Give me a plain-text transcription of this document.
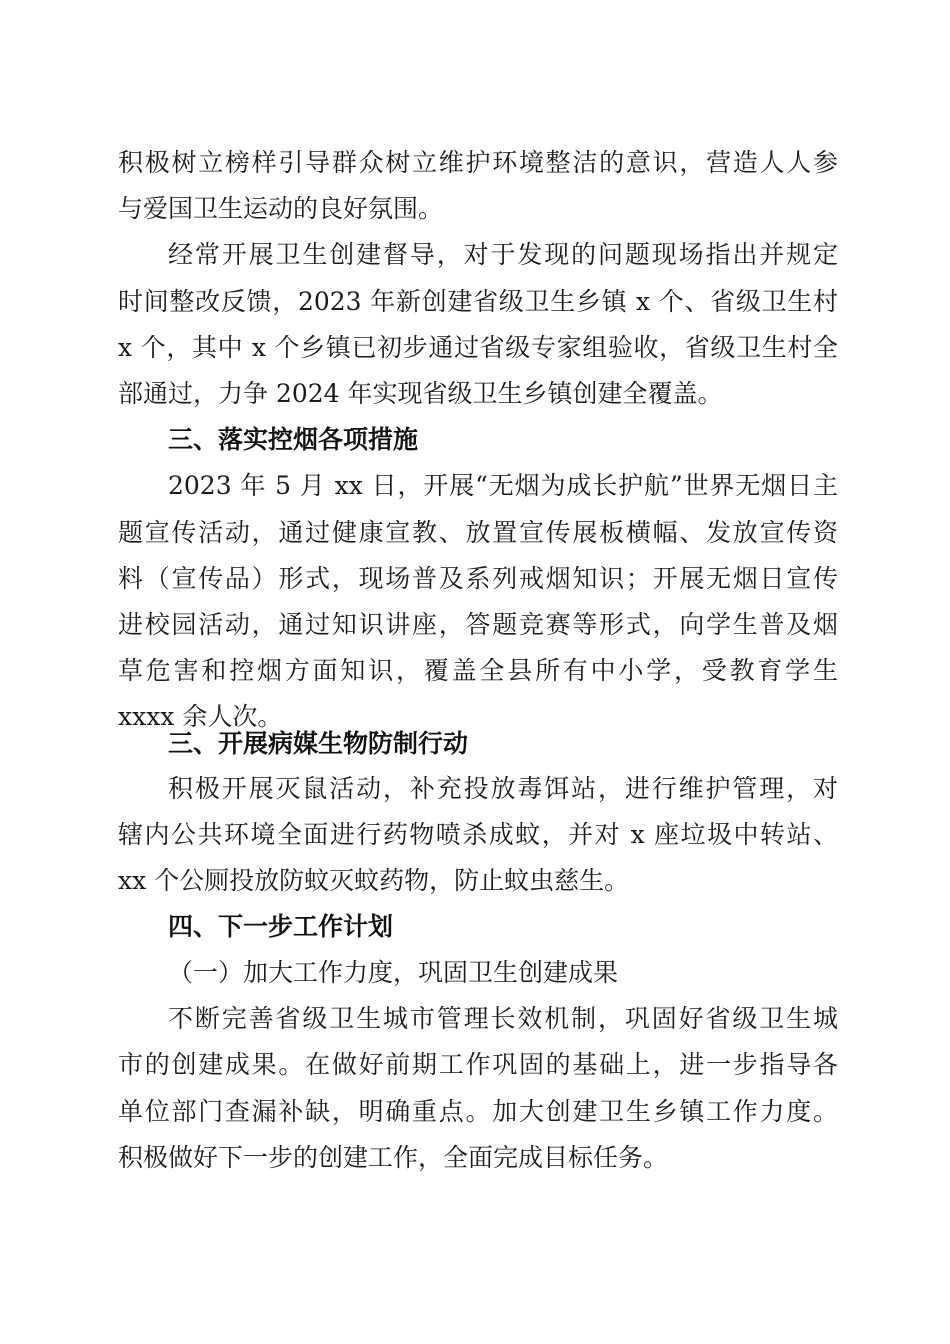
积极树立榜样引导群众树立维护环境整洁的意识，营造人人参
与爱国卫生运动的良好氛围。
经常开展卫生创建督导，对于发现的问题现场指出并规定
时间整改反馈，2023 年新创建省级卫生乡镇 x 个、省级卫生村
x 个，其中 x 个乡镇已初步通过省级专家组验收，省级卫生村全
部通过，力争 2024 年实现省级卫生乡镇创建全覆盖。
三、落实控烟各项措施
2023 年 5 月 xx 日，开展“无烟为成长护航”世界无烟日主
题宣传活动，通过健康宣教、放置宣传展板横幅、发放宣传资
料（宣传品）形式，现场普及系列戒烟知识；开展无烟日宣传
进校园活动，通过知识讲座，答题竞赛等形式，向学生普及烟
草危害和控烟方面知识，覆盖全县所有中小学，受教育学生
xxxx 余人次。
三、开展病媒生物防制行动
积极开展灭鼠活动，补充投放毒饵站，进行维护管理，对
辖内公共环境全面进行药物喷杀成蚊，并对 x 座垃圾中转站、
xx 个公厕投放防蚊灭蚊药物，防止蚊虫慈生。
四、下一步工作计划
（一）加大工作力度，巩固卫生创建成果
不断完善省级卫生城市管理长效机制，巩固好省级卫生城
市的创建成果。在做好前期工作巩固的基础上，进一步指导各
单位部门查漏补缺，明确重点。加大创建卫生乡镇工作力度。
积极做好下一步的创建工作，全面完成目标任务。
